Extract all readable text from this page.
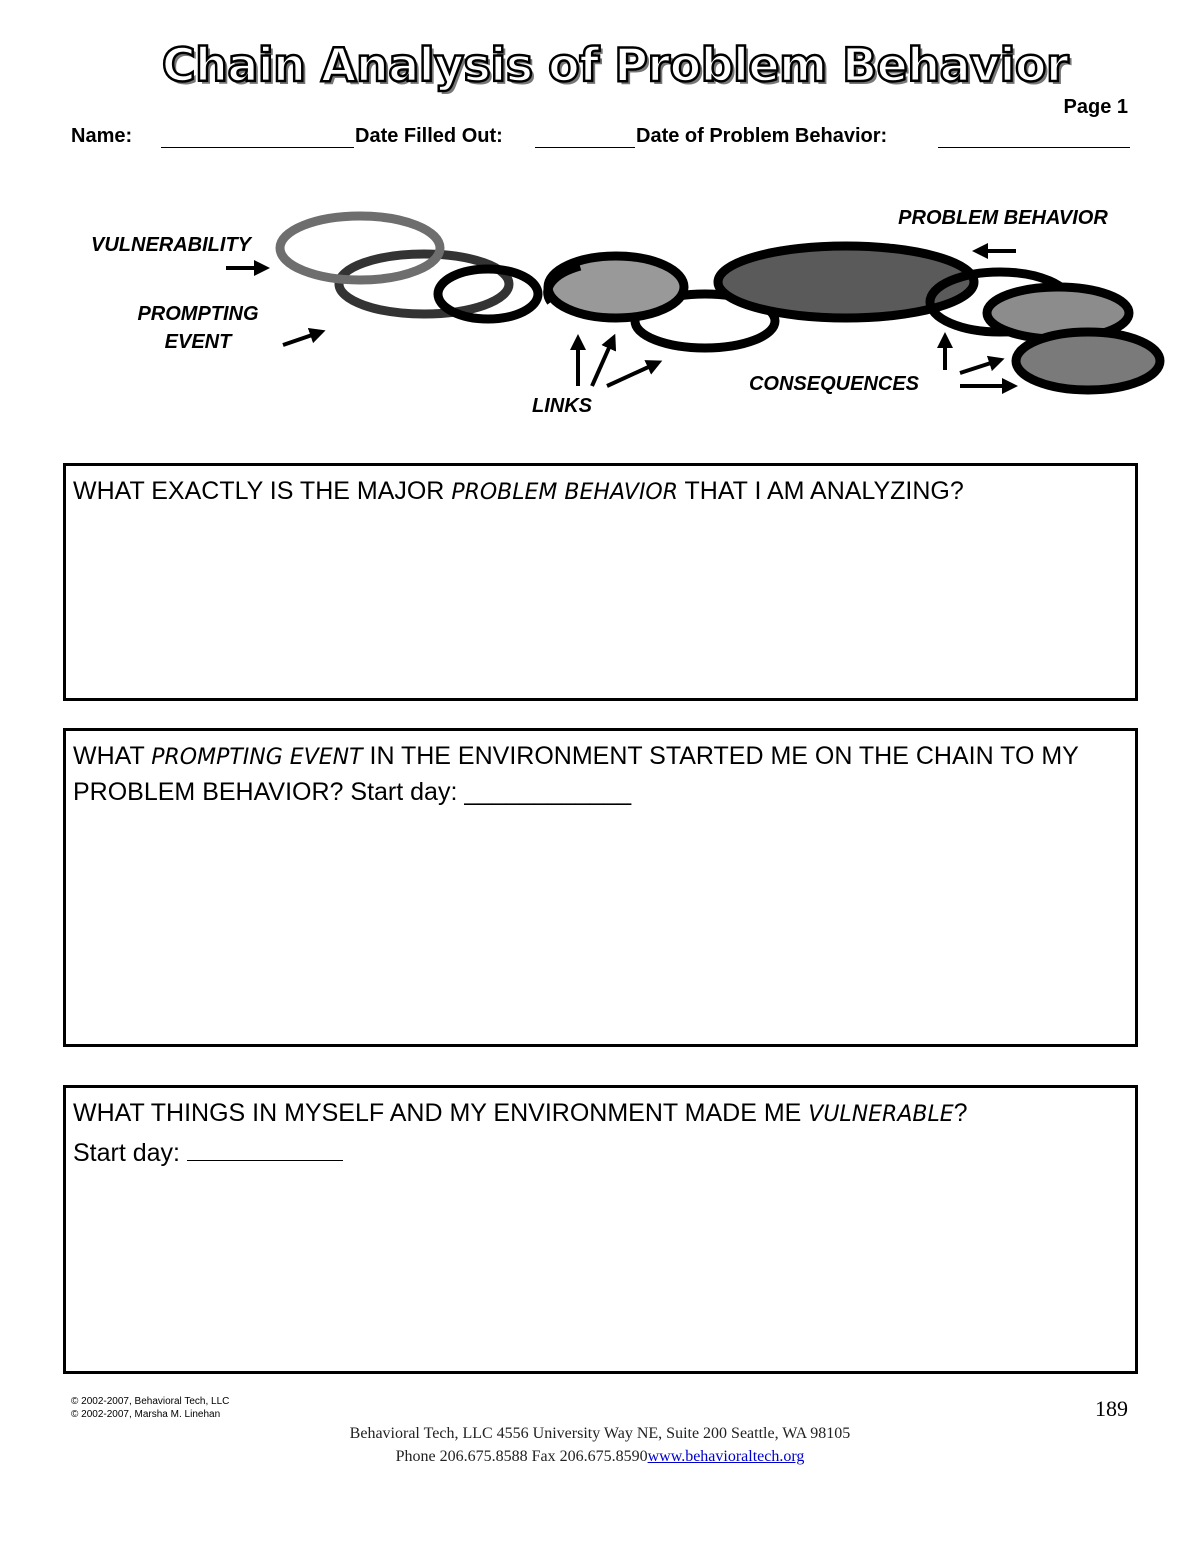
Chain Analysis of Problem Behavior
Page 1
Name:	Date Filled Out:	Date of Problem Behavior:
VULNERABILITY
PROMPTING EVENT
LINKS
PROBLEM BEHAVIOR
CONSEQUENCES
WHAT EXACTLY IS THE MAJOR PROBLEM BEHAVIOR THAT I AM ANALYZING?
WHAT PROMPTING EVENT IN THE ENVIRONMENT STARTED ME ON THE CHAIN TO MY PROBLEM BEHAVIOR? Start day: ____________
WHAT THINGS IN MYSELF AND MY ENVIRONMENT MADE ME VULNERABLE?
Start day:
© 2002-2007, Behavioral Tech, LLC
© 2002-2007, Marsha M. Linehan	189
Behavioral Tech, LLC 4556 University Way NE, Suite 200 Seattle, WA 98105
Phone 206.675.8588 Fax 206.675.8590www.behavioraltech.org
